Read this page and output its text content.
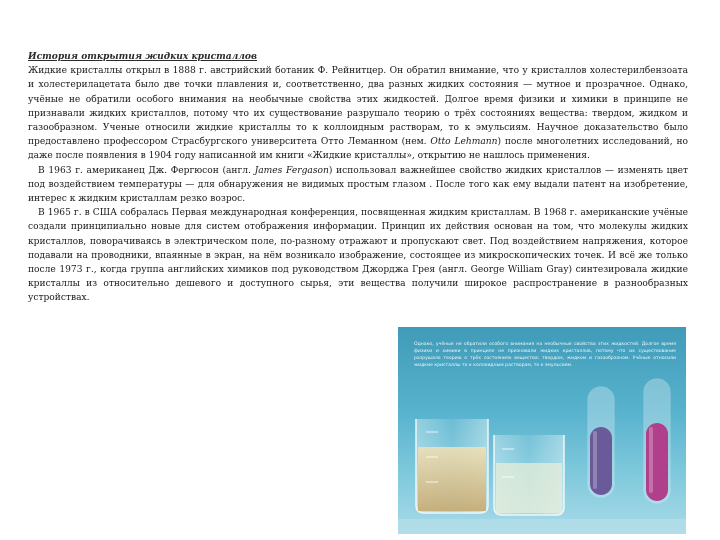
История открытия жидких кристаллов

Жидкие кристаллы открыл в 1888 г. австрийский ботаник Ф. Рейнитцер. Он обратил внимание, что у кристаллов холестерилбензоата и холестерилацетата было две точки плавления и, соответственно, два разных жидких состояния — мутное и прозрачное. Однако, учёные не обратили особого внимания на необычные свойства этих жидкостей. Долгое время физики и химики в принципе не признавали жидких кристаллов, потому что их существование разрушало теорию о трёх состояниях вещества: твердом, жидком и газообразном. Ученые относили жидкие кристаллы то к коллоидным растворам, то к эмульсиям. Научное доказательство было предоставлено профессором Страсбургского университета Отто Леманном (нем. Otto Lehmann) после многолетних исследований, но даже после появления в 1904 году написанной им книги «Жидкие кристаллы», открытию не нашлось применения.

В 1963 г. американец Дж. Фергюсон (англ. James Fergason) использовал важнейшее свойство жидких кристаллов — изменять цвет под воздействием температуры — для обнаружения не видимых простым глазом . После того как ему выдали патент на изобретение, интерес к жидким кристаллам резко возрос.

В 1965 г. в США собралась Первая международная конференция, посвященная жидким кристаллам. В 1968 г. американские учёные создали принципиально новые для систем отображения информации. Принцип их действия основан на том, что молекулы жидких кристаллов, поворачиваясь в электрическом поле, по-разному отражают и пропускают свет. Под воздействием напряжения, которое подавали на проводники, впаянные в экран, на нём возникало изображение, состоящее из микроскопических точек. И всё же только после 1973 г., когда группа английских химиков под руководством Джорджа Грея (англ. George William Gray) синтезировала жидкие кристаллы из относительно дешевого и доступного сырья, эти вещества получили широкое распространение в разнообразных устройствах.

Однако, учёные не обратили особого внимания на необычные свойства этих жидкостей. Долгое время физики и химики в принципе не признавали жидких кристаллов, потому что их существование разрушало теорию о трёх состояниях вещества: твердом, жидком и газообразном. Учёные относили жидкие кристаллы то к коллоидным растворам, то к эмульсиям.
